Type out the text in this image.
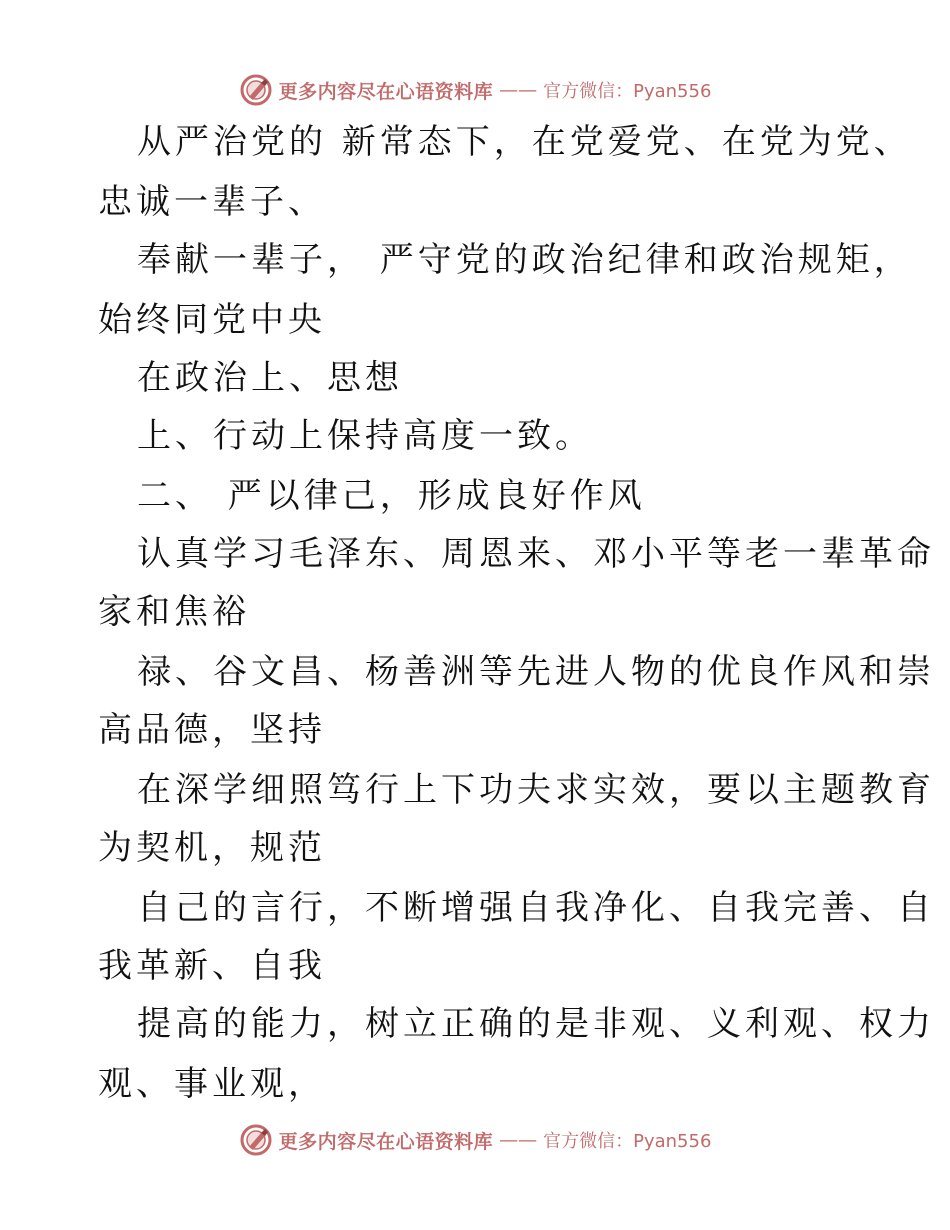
更多内容尽在心语资料库 —— 官方微信：Pyan556
从严治党的 新常态下，在党爱党、在党为党、
忠诚一辈子、
奉献一辈子， 严守党的政治纪律和政治规矩，
始终同党中央
在政治上、思想
上、行动上保持高度一致。
二、 严以律己，形成良好作风
认真学习毛泽东、周恩来、邓小平等老一辈革命
家和焦裕
禄、谷文昌、杨善洲等先进人物的优良作风和崇
高品德，坚持
在深学细照笃行上下功夫求实效，要以主题教育
为契机，规范
自己的言行，不断增强自我净化、自我完善、自
我革新、自我
提高的能力，树立正确的是非观、义利观、权力
观、事业观，
更多内容尽在心语资料库 —— 官方微信：Pyan556
